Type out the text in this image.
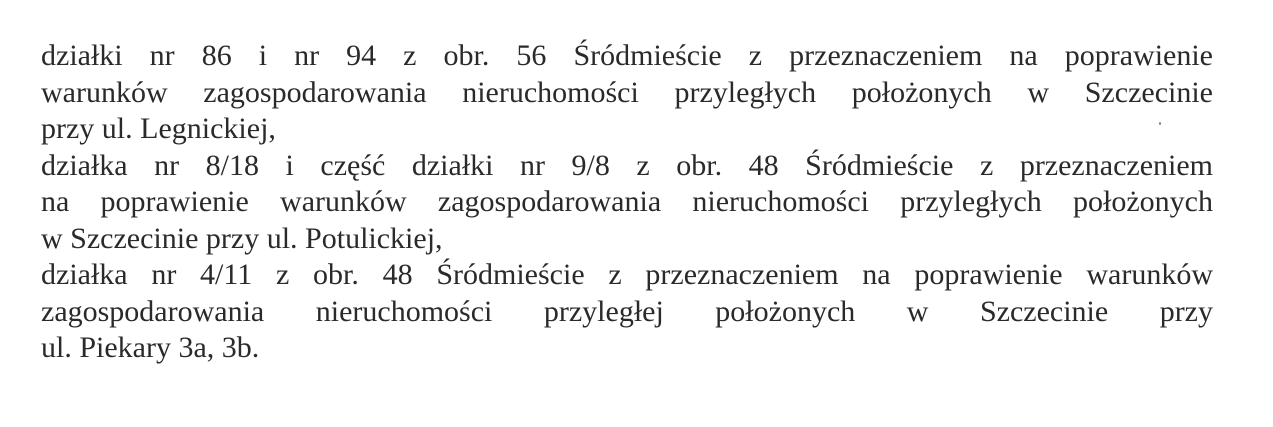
działki nr 86 i nr 94 z obr. 56 Śródmieście z przeznaczeniem na poprawienie
warunków zagospodarowania nieruchomości przyległych położonych w Szczecinie
przy ul. Legnickiej,
działka nr 8/18 i część działki nr 9/8 z obr. 48 Śródmieście z przeznaczeniem
na poprawienie warunków zagospodarowania nieruchomości przyległych położonych
w Szczecinie przy ul. Potulickiej,
działka nr 4/11 z obr. 48 Śródmieście z przeznaczeniem na poprawienie warunków
zagospodarowania nieruchomości przyległej położonych w Szczecinie przy
ul. Piekary 3a, 3b.
